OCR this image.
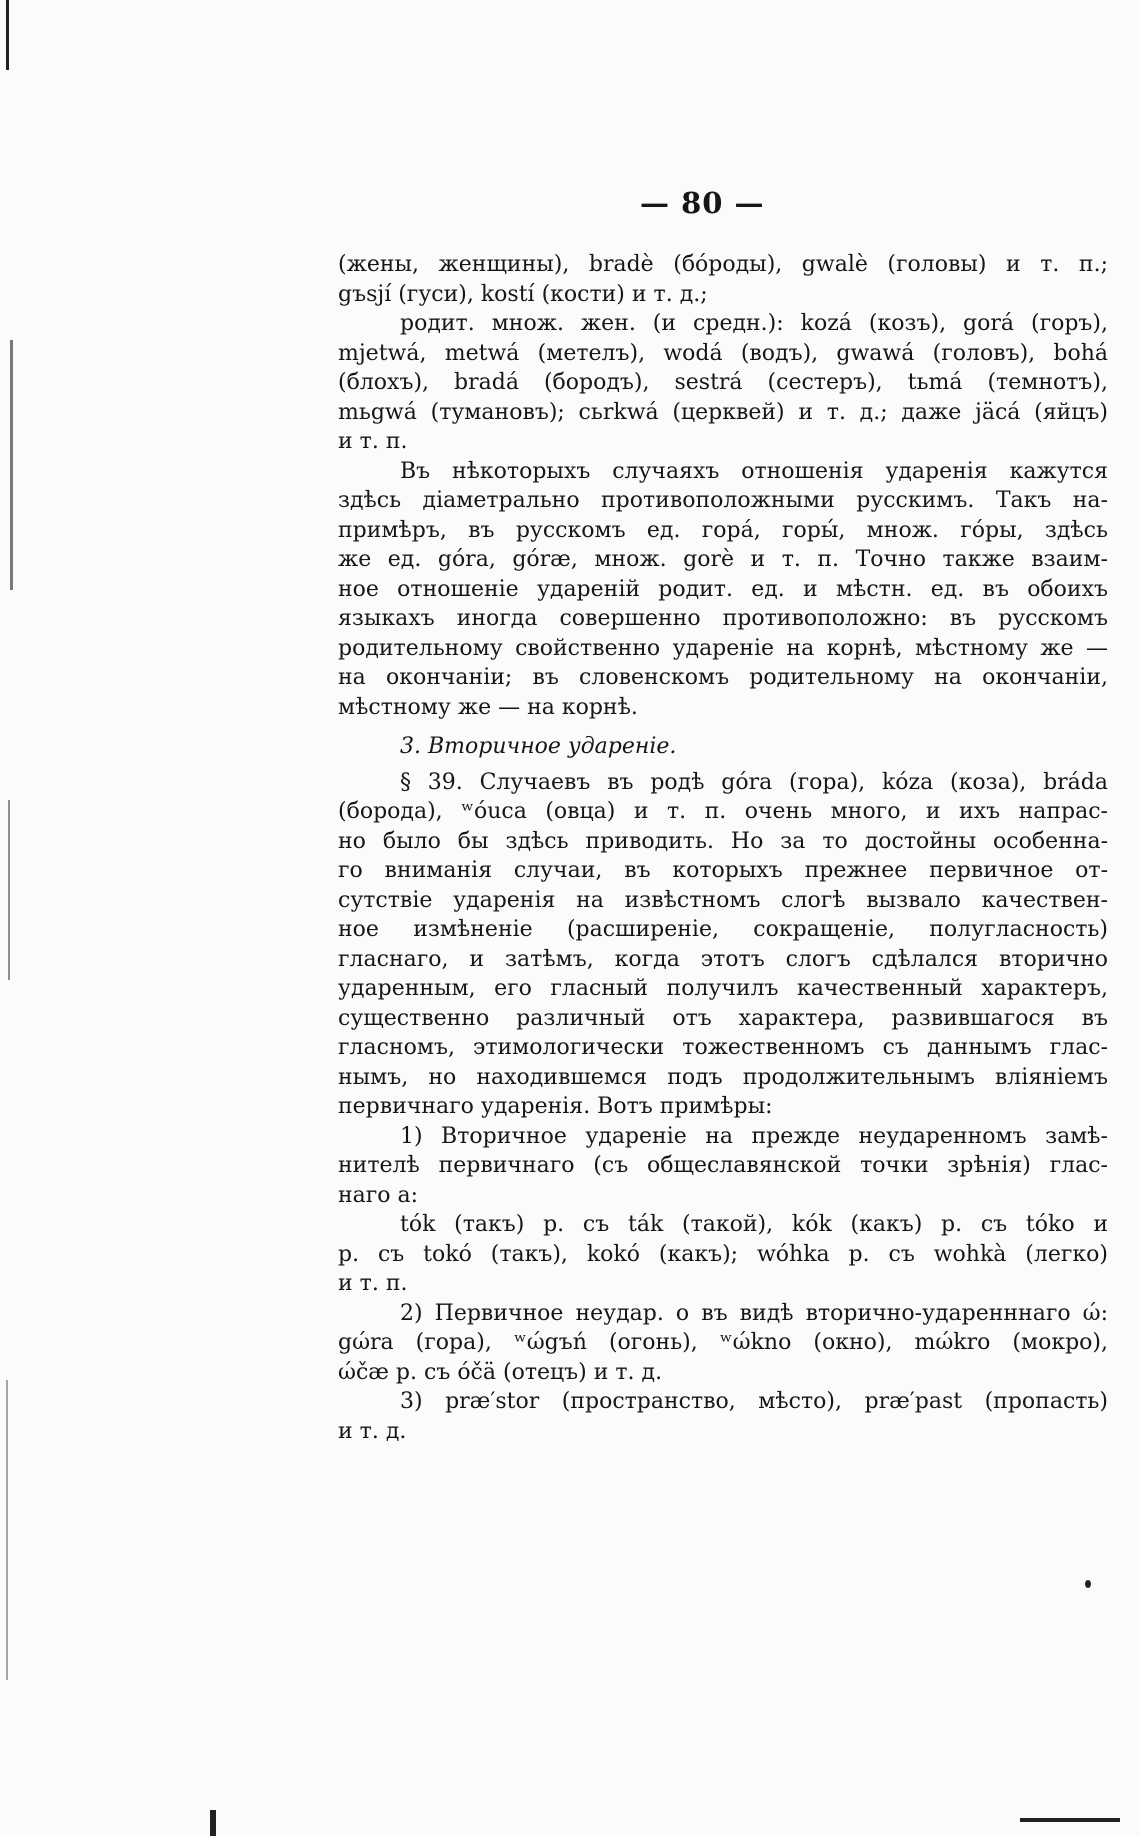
— 80 —
(жены, женщины), bradè (бóроды), gwalè (головы) и т. п.;
gъsjí (гуси), kostí (кости) и т. д.;
родит. множ. жен. (и средн.): kozá (козъ), gorá (горъ),
mjetwá, metwá (метелъ), wodá (водъ), gwawá (головъ), bohá
(блохъ), bradá (бородъ), sestrá (сестеръ), tьmá (темнотъ),
mьgwá (тумановъ); cьrkwá (церквей) и т. д.; даже jäcá (яйцъ)
и т. п.
Въ нѣкоторыхъ случаяхъ отношенія ударенія кажутся
здѣсь діаметрально противоположными русскимъ. Такъ на-
примѣръ, въ русскомъ ед. горá, горы́, множ. гóры, здѣсь
же ед. góra, góræ, множ. gorè и т. п. Точно также взаим-
ное отношеніе удареній родит. ед. и мѣстн. ед. въ обоихъ
языкахъ иногда совершенно противоположно: въ русскомъ
родительному свойственно удареніе на корнѣ, мѣстному же —
на окончаніи; въ словенскомъ родительному на окончаніи,
мѣстному же — на корнѣ.
3. Вторичное удареніе.
§ 39. Случаевъ въ родѣ góra (гора), kóza (коза), bráda
(борода), ʷóuca (овца) и т. п. очень много, и ихъ напрас-
но было бы здѣсь приводить. Но за то достойны особенна-
го вниманія случаи, въ которыхъ прежнее первичное от-
сутствіе ударенія на извѣстномъ слогѣ вызвало качествен-
ное измѣненіе (расширеніе, сокращеніе, полугласность)
гласнаго, и затѣмъ, когда этотъ слогъ сдѣлался вторично
ударенным, его гласный получилъ качественный характеръ,
существенно различный отъ характера, развившагося въ
гласномъ, этимологически тожественномъ съ даннымъ глас-
нымъ, но находившемся подъ продолжительнымъ вліяніемъ
первичнаго ударенія. Вотъ примѣры:
1) Вторичное удареніе на прежде неударенномъ замѣ-
нителѣ первичнаго (съ общеславянской точки зрѣнія) глас-
наго a:
tók (такъ) р. съ ták (такой), kók (какъ) р. съ tóko и
р. съ tokó (такъ), kokó (какъ); wóhka р. съ wohkà (легко)
и т. п.
2) Первичное неудар. o въ видѣ вторично-ударенннаго ώ:
gώra (гора), ʷώgъń (огонь), ʷώkno (окно), mώkro (мокро),
ώčæ р. съ óčä (отецъ) и т. д.
3) præ′stor (пространство, мѣсто), præ′past (пропасть)
и т. д.
